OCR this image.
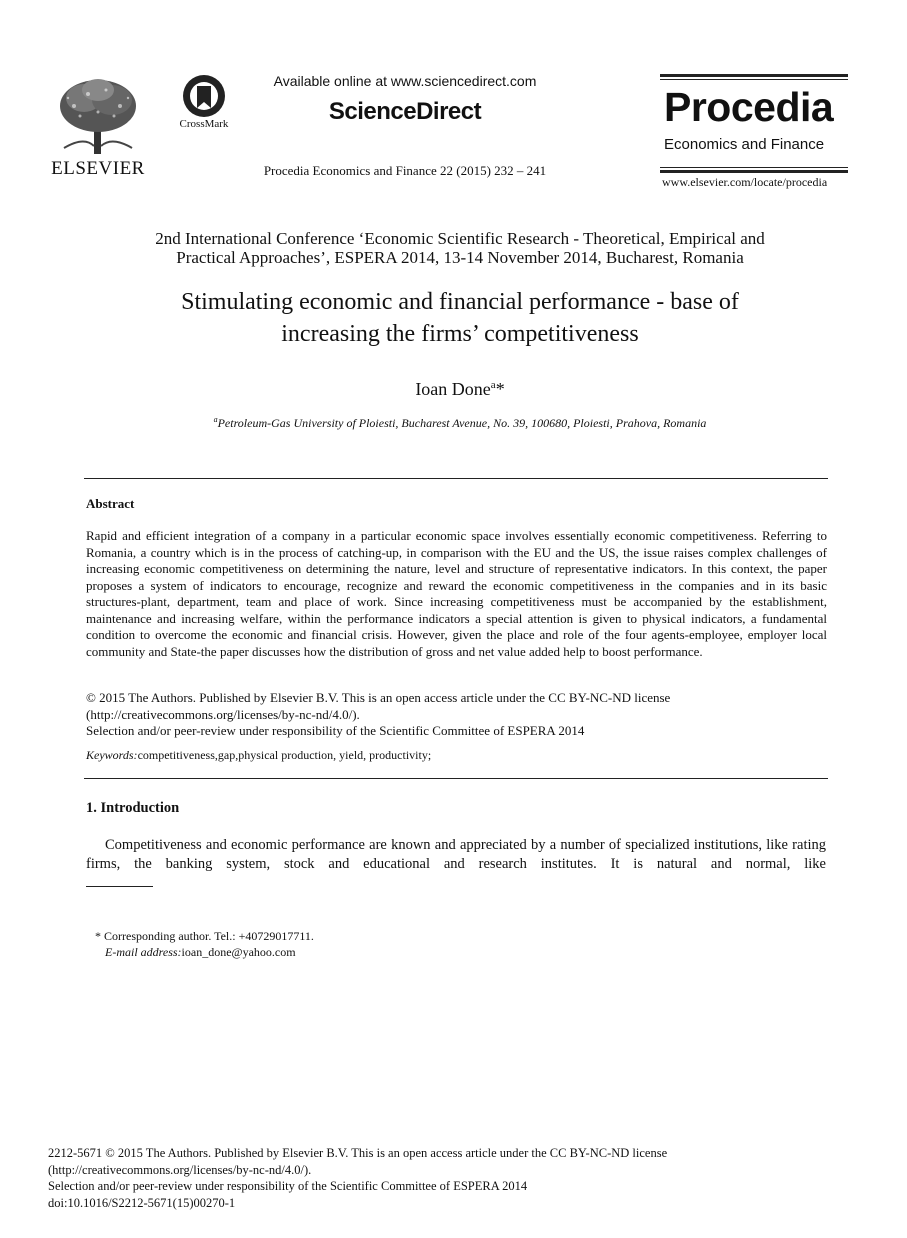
ELSEVIER
CrossMark
Available online at www.sciencedirect.com
ScienceDirect
Procedia Economics and Finance 22 (2015) 232 – 241
Procedia
Economics and Finance
www.elsevier.com/locate/procedia
2nd International Conference ‘Economic Scientific Research - Theoretical, Empirical and
Practical Approaches’, ESPERA 2014, 13-14 November 2014, Bucharest, Romania
Stimulating economic and financial performance - base of
increasing the firms’ competitiveness
Ioan Done$^a$*
$^a$Petroleum-Gas University of Ploiesti, Bucharest Avenue, No. 39, 100680, Ploiesti, Prahova, Romania
Abstract
Rapid and efficient integration of a company in a particular economic space involves essentially economic competitiveness. Referring to Romania, a country which is in the process of catching-up, in comparison with the EU and the US, the issue raises complex challenges of increasing economic competitiveness on determining the nature, level and structure of representative indicators. In this context, the paper proposes a system of indicators to encourage, recognize and reward the economic competitiveness in the companies and in its basic structures-plant, department, team and place of work. Since increasing competitiveness must be accompanied by the establishment, maintenance and increasing welfare, within the performance indicators a special attention is given to physical indicators, a fundamental condition to overcome the economic and financial crisis. However, given the place and role of the four agents-employee, employer local community and State-the paper discusses how the distribution of gross and net value added help to boost performance.
© 2015 The Authors. Published by Elsevier B.V. This is an open access article under the CC BY-NC-ND license
(http://creativecommons.org/licenses/by-nc-nd/4.0/).
Selection and/or peer-review under responsibility of the Scientific Committee of ESPERA 2014
Keywords:competitiveness,gap,physical production, yield, productivity;
1. Introduction
Competitiveness and economic performance are known and appreciated by a number of specialized institutions, like rating firms, the banking system, stock and educational and research institutes. It is natural and normal, like
* Corresponding author. Tel.: +40729017711.
E-mail address:ioan_done@yahoo.com
2212-5671 © 2015 The Authors. Published by Elsevier B.V. This is an open access article under the CC BY-NC-ND license
(http://creativecommons.org/licenses/by-nc-nd/4.0/).
Selection and/or peer-review under responsibility of the Scientific Committee of ESPERA 2014
doi:10.1016/S2212-5671(15)00270-1
